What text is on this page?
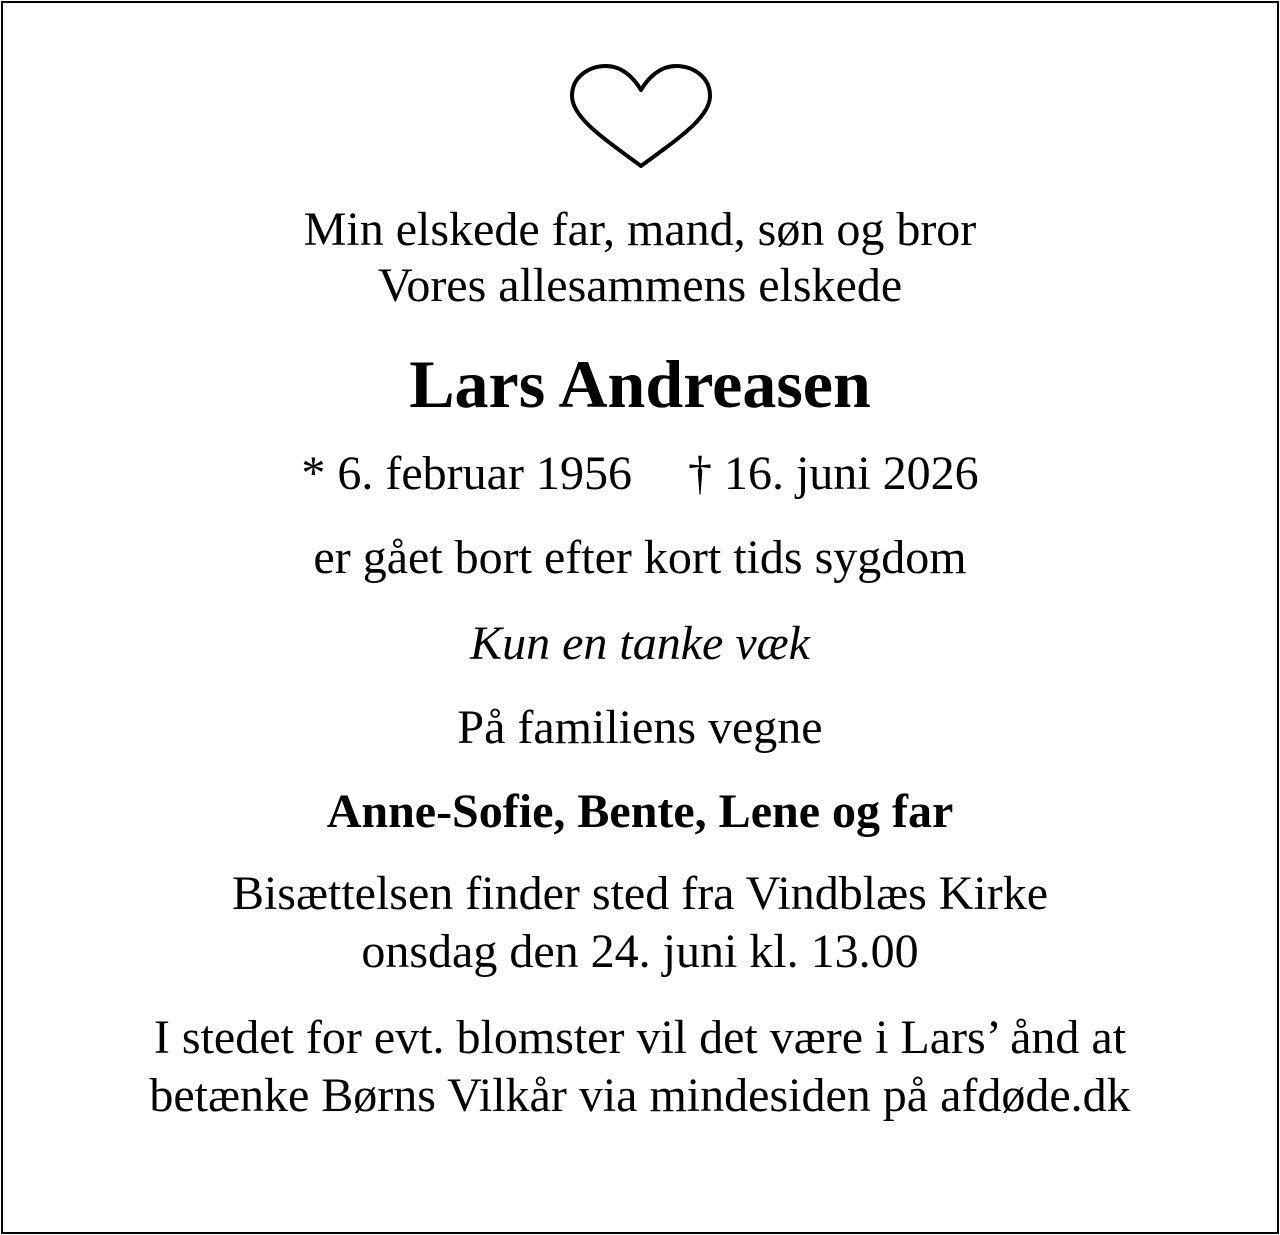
Min elskede far, mand, søn og bror
Vores allesammens elskede
Lars Andreasen
* 6. februar 1956 † 16. juni 2026
er gået bort efter kort tids sygdom
Kun en tanke væk
På familiens vegne
Anne-Sofie, Bente, Lene og far
Bisættelsen finder sted fra Vindblæs Kirke
onsdag den 24. juni kl. 13.00
I stedet for evt. blomster vil det være i Lars’ ånd at
betænke Børns Vilkår via mindesiden på afdøde.dk
